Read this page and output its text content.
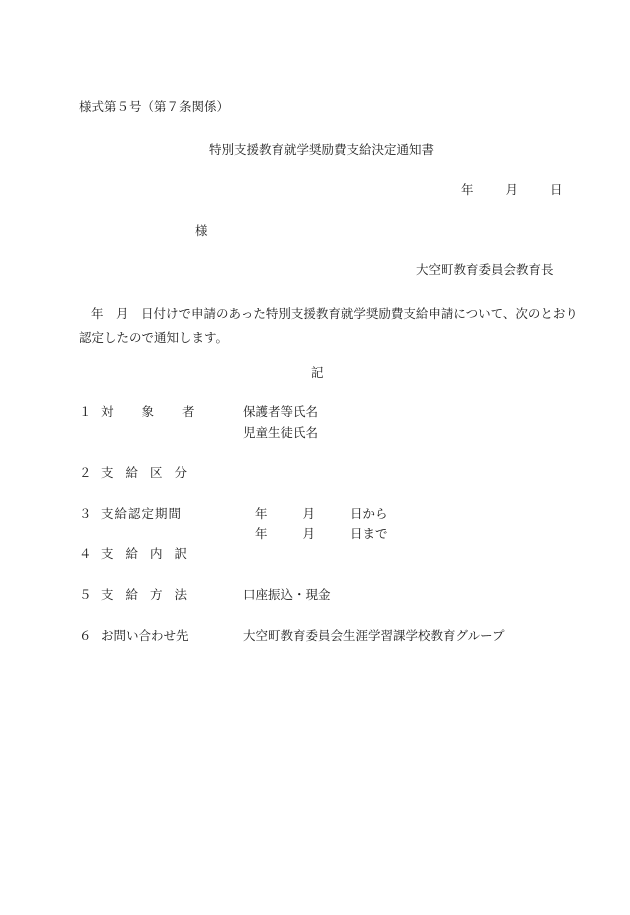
様式第５号（第７条関係）
特別支援教育就学奨励費支給決定通知書
年	月	日
様
大空町教育委員会教育長
年　月　日付けで申請のあった特別支援教育就学奨励費支給申請について、次のとおり
認定したので通知します。
記
１ 対 象 者	保護者等氏名
児童生徒氏名
２ 支 給 区 分
３ 支給認定期間	年	月	日から
年	月	日まで
４ 支 給 内 訳
５ 支 給 方 法	口座振込・現金
６ お問い合わせ先	大空町教育委員会生涯学習課学校教育グループ
